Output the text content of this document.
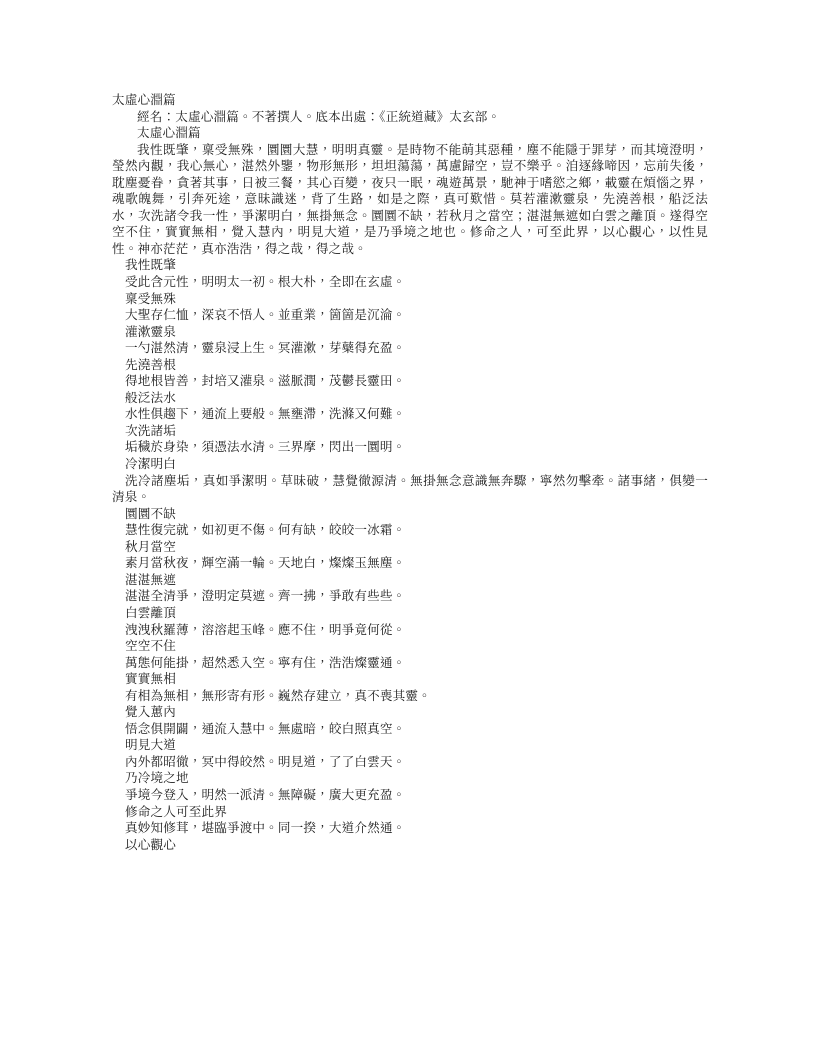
太虛心淵篇

經名：太虛心淵篇。不著撰人。底本出處：《正統道藏》太玄部。

太虛心淵篇

我性既肇，稟受無殊，圜圜大慧，明明真靈。是時物不能萌其惡種，塵不能隱于罪芽，而其境澄明，瑩然內觀，我心無心，湛然外鑒，物形無形，坦坦蕩蕩，萬慮歸空，豈不樂乎。洎逐緣啼因，忘前失後，耽塵憂眷，貪著其事，日被三餐，其心百變，夜只一眠，魂遊萬景，馳神于嗜慾之鄉，載靈在煩惱之界，魂歌魄舞，引奔死途，意昧識迷，背了生路，如是之際，真可歎惜。莫若灌漱靈泉，先澆善根，船泛法水，次洗諸令我一性，爭潔明白，無掛無念。圜圜不缺，若秋月之當空；湛湛無遮如白雲之離頂。遂得空空不住，實實無相，覺入慧內，明見大道，是乃爭境之地也。修命之人，可至此界，以心觀心，以性見性。神亦茫茫，真亦浩浩，得之哉，得之哉。

我性既肇

受此含元性，明明太一初。根大朴，全即在玄虛。

稟受無殊

大聖存仁恤，深哀不悟人。並重業，箇箇是沉淪。

灌漱靈泉

一勺湛然清，靈泉浸上生。冥灌漱，芽蘗得充盈。

先澆善根

得地根皆善，封培又灌泉。滋脈潤，茂鬱長靈田。

般泛法水

水性俱趨下，通流上要般。無壅滯，洗滌又何難。

次洗諸垢

垢穢於身染，須憑法水清。三界摩，閃出一圜明。

冷潔明白

洗冷諸塵垢，真如爭潔明。草昧破，慧覺徹源清。無掛無念意識無奔驟，寧然勿擊牽。諸事緒，俱變一清泉。

圜圜不缺

慧性復完就，如初更不傷。何有缺，皎皎一冰霜。

秋月當空

素月當秋夜，輝空滿一輪。天地白，燦燦玉無塵。

湛湛無遮

湛湛全清爭，澄明定莫遮。齊一拂，爭敢有些些。

白雲離頂

洩洩秋羅薄，溶溶起玉峰。應不住，明爭竟何從。

空空不住

萬態何能掛，超然悉入空。寧有住，浩浩燦靈通。

實實無相

有相為無相，無形寄有形。巍然存建立，真不喪其靈。

覺入蕙內

悟念俱開闢，通流入慧中。無處暗，皎白照真空。

明見大道

內外都昭徹，冥中得皎然。明見道，了了白雲天。

乃冷境之地

爭境今登入，明然一派清。無障礙，廣大更充盈。

修命之人可至此界

真妙知修茸，堪臨爭渡中。同一揆，大道介然通。

以心觀心
